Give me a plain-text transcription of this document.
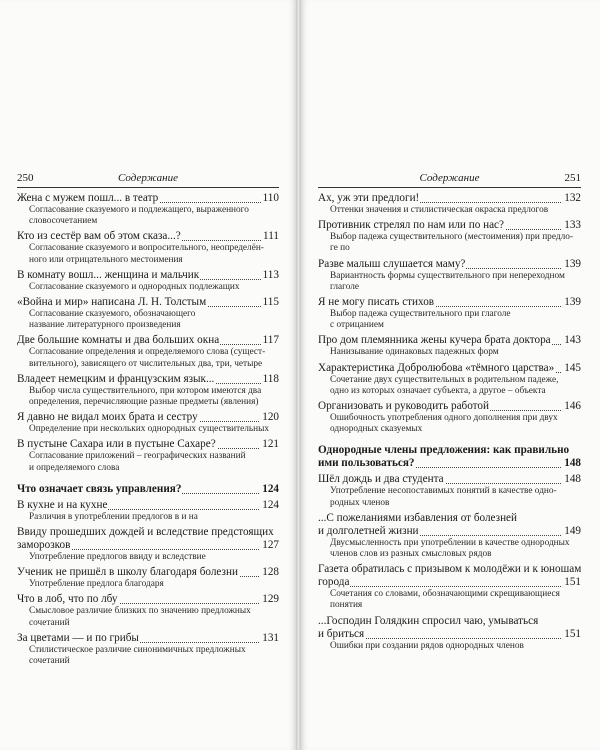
250	Содержание
Жена с мужем пошл... в театр	110
Согласование сказуемого и подлежащего, выраженного
словосочетанием
Кто из сестёр вам об этом сказа...?	111
Согласование сказуемого и вопросительного, неопределён-
ного или отрицательного местоимения
В комнату вошл... женщина и мальчик	113
Согласование сказуемого и однородных подлежащих
«Война и мир» написана Л. Н. Толстым	115
Согласование сказуемого, обозначающего
название литературного произведения
Две большие комнаты и два больших окна	117
Согласование определения и определяемого слова (сущест-
вительного), зависящего от числительных два, три, четыре
Владеет немецким и французским язык...	118
Выбор числа существительного, при котором имеются два
определения, перечисляющие разные предметы (явления)
Я давно не видал моих брата и сестру	120
Определение при нескольких однородных существительных
В пустыне Сахара или в пустыне Сахаре?	121
Согласование приложений – географических названий
и определяемого слова
Что означает связь управления?	124
В кухне и на кухне	124
Различия в употреблении предлогов в и на
Ввиду прошедших дождей и вследствие предстоящих
заморозков	127
Употребление предлогов ввиду и вследствие
Ученик не пришёл в школу благодаря болезни 128
Употребление предлога благодаря
Что в лоб, что по лбу	129
Смысловое различие близких по значению предложных
сочетаний
За цветами — и по грибы	131
Стилистическое различие синонимичных предложных
сочетаний
251
Содержание
Ах, уж эти предлоги!	132
Оттенки значения и стилистическая окраска предлогов
Противник стрелял по нам или по нас?	133
Выбор падежа существительного (местоимения) при предло-
ге по
Разве малыш слушается маму?	139
Вариантность формы существительного при непереходном
глаголе
Я не могу писать стихов	139
Выбор падежа существительного при глаголе
с отрицанием
Про дом племянника жены кучера брата доктора 143
Нанизывание одинаковых падежных форм
Характеристика Добролюбова «тёмного царства» 145
Сочетание двух существительных в родительном падеже,
одно из которых означает субъекта, а другое – объекта
Организовать и руководить работой	146
Ошибочность употребления одного дополнения при двух
однородных сказуемых
Однородные члены предложения: как правильно
ими пользоваться?	148
Шёл дождь и два студента	148
Употребление несопоставимых понятий в качестве одно-
родных членов
...С пожеланиями избавления от болезней
и долголетней жизни	149
Двусмысленность при употреблении в качестве однородных
членов слов из разных смысловых рядов
Газета обратилась с призывом к молодёжи и к юношам
города	151
Сочетания со словами, обозначающими скрещивающиеся
понятия
...Господин Голядкин спросил чаю, умываться
и бриться	151
Ошибки при создании рядов однородных членов
